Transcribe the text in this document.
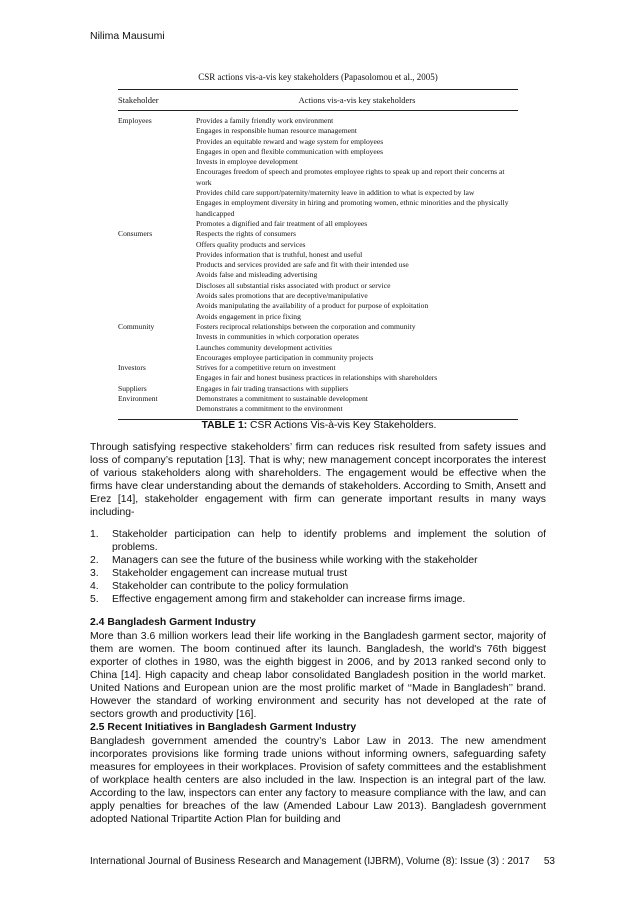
Nilima Mausumi
CSR actions vis-a-vis key stakeholders (Papasolomou et al., 2005)
Stakeholder	Actions vis-a-vis key stakeholders
Employees	Provides a family friendly work environment
Engages in responsible human resource management
Provides an equitable reward and wage system for employees
Engages in open and flexible communication with employees
Invests in employee development
Encourages freedom of speech and promotes employee rights to speak up and report their concerns at
work
Provides child care support/paternity/maternity leave in addition to what is expected by law
Engages in employment diversity in hiring and promoting women, ethnic minorities and the physically
handicapped
Promotes a dignified and fair treatment of all employees
Consumers	Respects the rights of consumers
Offers quality products and services
Provides information that is truthful, honest and useful
Products and services provided are safe and fit with their intended use
Avoids false and misleading advertising
Discloses all substantial risks associated with product or service
Avoids sales promotions that are deceptive/manipulative
Avoids manipulating the availability of a product for purpose of exploitation
Avoids engagement in price fixing
Community	Fosters reciprocal relationships between the corporation and community
Invests in communities in which corporation operates
Launches community development activities
Encourages employee participation in community projects
Investors	Strives for a competitive return on investment
Engages in fair and honest business practices in relationships with shareholders
Suppliers	Engages in fair trading transactions with suppliers
Environment	Demonstrates a commitment to sustainable development
Demonstrates a commitment to the environment
TABLE 1: CSR Actions Vis-à-vis Key Stakeholders.
Through satisfying respective stakeholders’ firm can reduces risk resulted from safety issues and loss of company’s reputation [13]. That is why; new management concept incorporates the interest of various stakeholders along with shareholders. The engagement would be effective when the firms have clear understanding about the demands of stakeholders. According to Smith, Ansett and Erez [14], stakeholder engagement with firm can generate important results in many ways including-
1.	Stakeholder participation can help to identify problems and implement the solution of problems.
2.	Managers can see the future of the business while working with the stakeholder
3.	Stakeholder engagement can increase mutual trust
4.	Stakeholder can contribute to the policy formulation
5.	Effective engagement among firm and stakeholder can increase firms image.
2.4 Bangladesh Garment Industry
More than 3.6 million workers lead their life working in the Bangladesh garment sector, majority of them are women. The boom continued after its launch. Bangladesh, the world's 76th biggest exporter of clothes in 1980, was the eighth biggest in 2006, and by 2013 ranked second only to China [14]. High capacity and cheap labor consolidated Bangladesh position in the world market. United Nations and European union are the most prolific market of ‘‘Made in Bangladesh’’ brand. However the standard of working environment and security has not developed at the rate of sectors growth and productivity [16].
2.5 Recent Initiatives in Bangladesh Garment Industry
Bangladesh government amended the country’s Labor Law in 2013. The new amendment incorporates provisions like forming trade unions without informing owners, safeguarding safety measures for employees in their workplaces. Provision of safety committees and the establishment of workplace health centers are also included in the law. Inspection is an integral part of the law. According to the law, inspectors can enter any factory to measure compliance with the law, and can apply penalties for breaches of the law (Amended Labour Law 2013). Bangladesh government adopted National Tripartite Action Plan for building and
International Journal of Business Research and Management (IJBRM), Volume (8): Issue (3) : 2017 53
